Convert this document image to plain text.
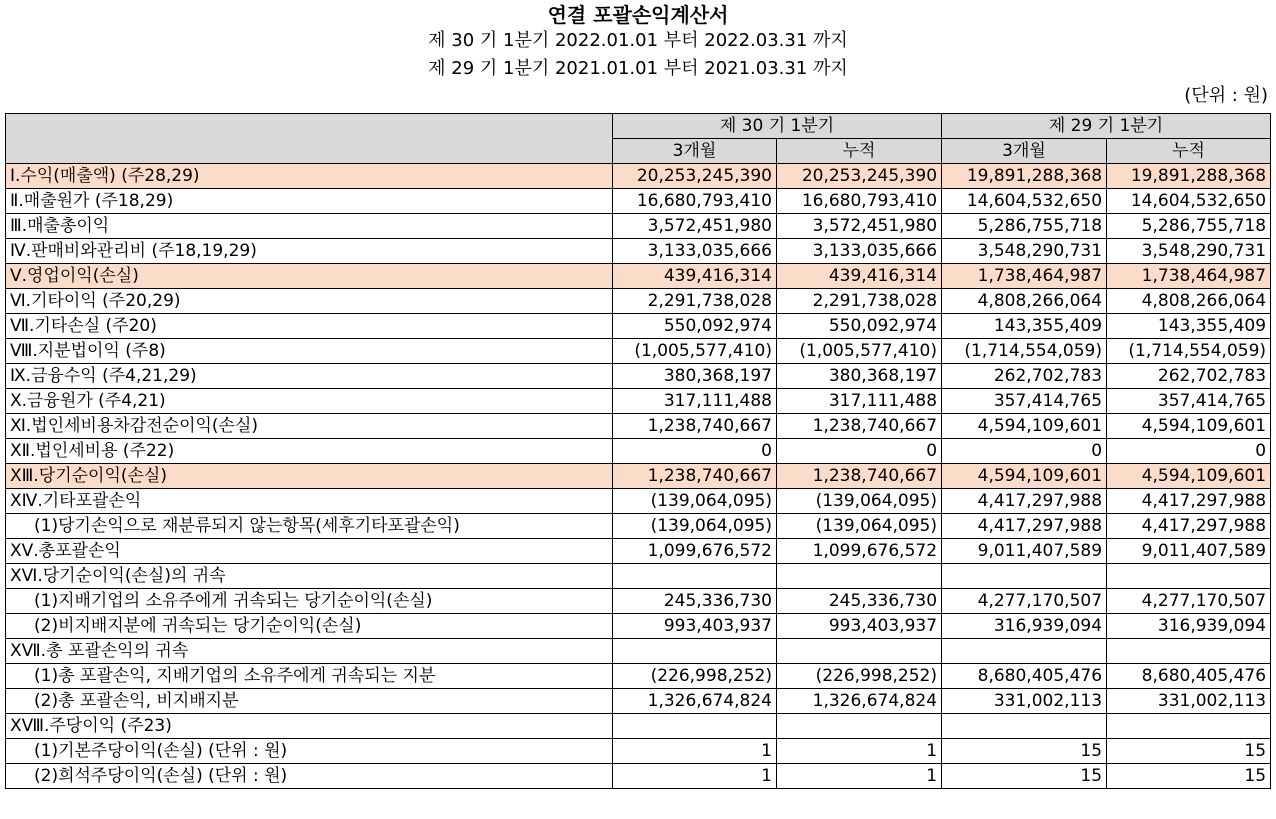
연결 포괄손익계산서
제 30 기 1분기 2022.01.01 부터 2022.03.31 까지
제 29 기 1분기 2021.01.01 부터 2021.03.31 까지
(단위 : 원)
	제 30 기 1분기		제 29 기 1분기	
	3개월	누적	3개월	누적
Ⅰ.수익(매출액) (주28,29)	20,253,245,390	20,253,245,390	19,891,288,368	19,891,288,368
Ⅱ.매출원가 (주18,29)	16,680,793,410	16,680,793,410	14,604,532,650	14,604,532,650
Ⅲ.매출총이익	3,572,451,980	3,572,451,980	5,286,755,718	5,286,755,718
Ⅳ.판매비와관리비 (주18,19,29)	3,133,035,666	3,133,035,666	3,548,290,731	3,548,290,731
Ⅴ.영업이익(손실)	439,416,314	439,416,314	1,738,464,987	1,738,464,987
Ⅵ.기타이익 (주20,29)	2,291,738,028	2,291,738,028	4,808,266,064	4,808,266,064
Ⅶ.기타손실 (주20)	550,092,974	550,092,974	143,355,409	143,355,409
Ⅷ.지분법이익 (주8)	(1,005,577,410)	(1,005,577,410)	(1,714,554,059)	(1,714,554,059)
Ⅸ.금융수익 (주4,21,29)	380,368,197	380,368,197	262,702,783	262,702,783
Ⅹ.금융원가 (주4,21)	317,111,488	317,111,488	357,414,765	357,414,765
Ⅺ.법인세비용차감전순이익(손실)	1,238,740,667	1,238,740,667	4,594,109,601	4,594,109,601
ⅩⅡ.법인세비용 (주22)	0	0	0	0
ⅩⅢ.당기순이익(손실)	1,238,740,667	1,238,740,667	4,594,109,601	4,594,109,601
ⅩⅣ.기타포괄손익	(139,064,095)	(139,064,095)	4,417,297,988	4,417,297,988
(1)당기손익으로 재분류되지 않는항목(세후기타포괄손익)	(139,064,095)	(139,064,095)	4,417,297,988	4,417,297,988
ⅩⅤ.총포괄손익	1,099,676,572	1,099,676,572	9,011,407,589	9,011,407,589
ⅩⅥ.당기순이익(손실)의 귀속				
(1)지배기업의 소유주에게 귀속되는 당기순이익(손실)	245,336,730	245,336,730	4,277,170,507	4,277,170,507
(2)비지배지분에 귀속되는 당기순이익(손실)	993,403,937	993,403,937	316,939,094	316,939,094
ⅩⅦ.총 포괄손익의 귀속				
(1)총 포괄손익, 지배기업의 소유주에게 귀속되는 지분	(226,998,252)	(226,998,252)	8,680,405,476	8,680,405,476
(2)총 포괄손익, 비지배지분	1,326,674,824	1,326,674,824	331,002,113	331,002,113
ⅩⅧ.주당이익 (주23)				
(1)기본주당이익(손실) (단위 : 원)	1	1	15	15
(2)희석주당이익(손실) (단위 : 원)	1	1	15	15
